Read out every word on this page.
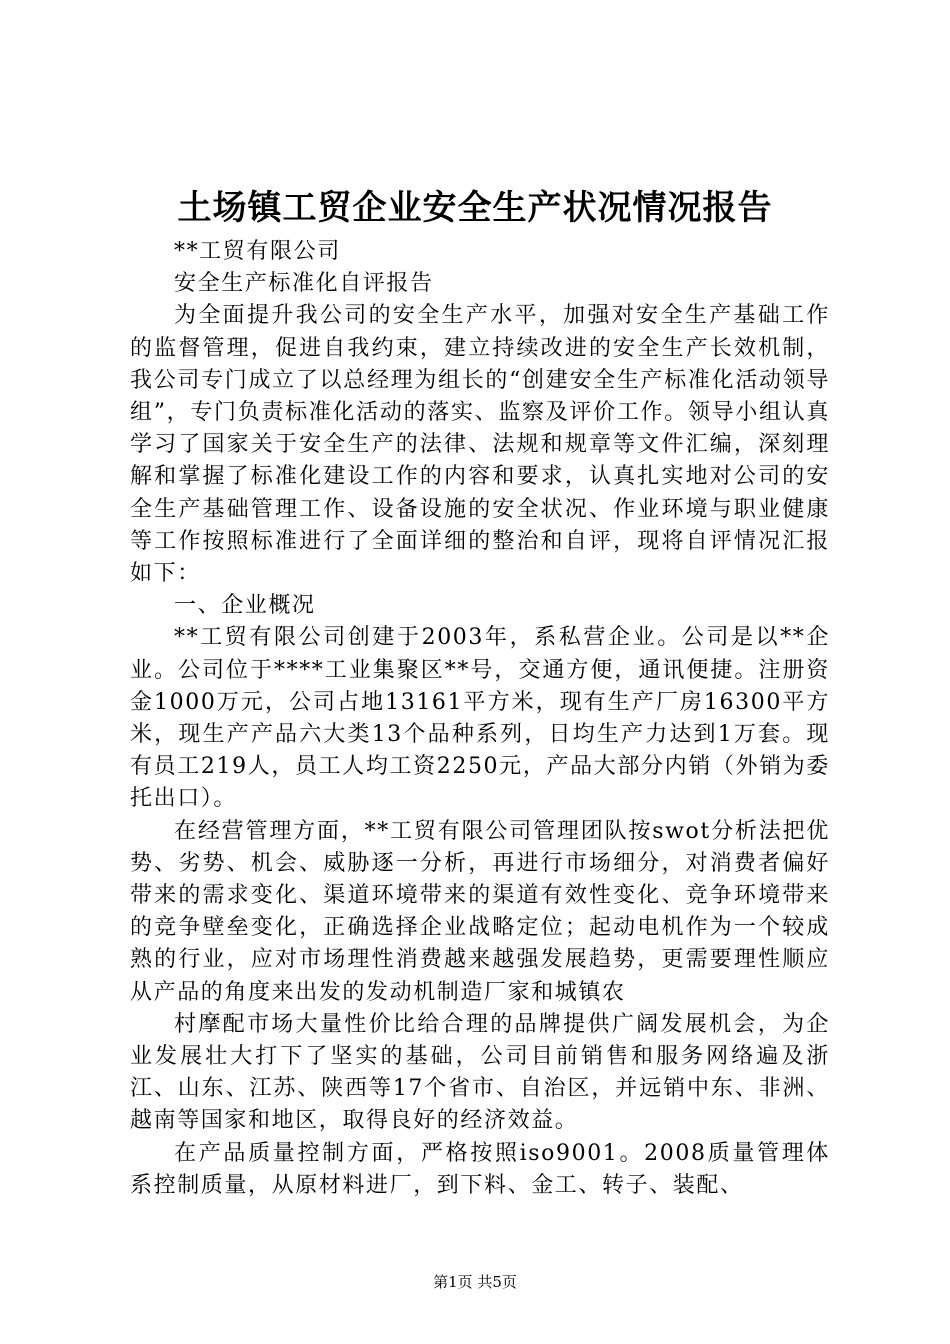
土场镇工贸企业安全生产状况情况报告

**工贸有限公司

安全生产标准化自评报告

为全面提升我公司的安全生产水平，加强对安全生产基础工作的监督管理，促进自我约束，建立持续改进的安全生产长效机制，我公司专门成立了以总经理为组长的“创建安全生产标准化活动领导组”，专门负责标准化活动的落实、监察及评价工作。领导小组认真学习了国家关于安全生产的法律、法规和规章等文件汇编，深刻理解和掌握了标准化建设工作的内容和要求，认真扎实地对公司的安全生产基础管理工作、设备设施的安全状况、作业环境与职业健康等工作按照标准进行了全面详细的整治和自评，现将自评情况汇报如下：

一、企业概况

**工贸有限公司创建于2003年，系私营企业。公司是以**企业。公司位于****工业集聚区**号，交通方便，通讯便捷。注册资金1000万元，公司占地13161平方米，现有生产厂房16300平方米，现生产产品六大类13个品种系列，日均生产力达到1万套。现有员工219人，员工人均工资2250元，产品大部分内销（外销为委托出口）。

在经营管理方面，**工贸有限公司管理团队按swot分析法把优势、劣势、机会、威胁逐一分析，再进行市场细分，对消费者偏好带来的需求变化、渠道环境带来的渠道有效性变化、竞争环境带来的竞争壁垒变化，正确选择企业战略定位；起动电机作为一个较成熟的行业，应对市场理性消费越来越强发展趋势，更需要理性顺应从产品的角度来出发的发动机制造厂家和城镇农

村摩配市场大量性价比给合理的品牌提供广阔发展机会，为企业发展壮大打下了坚实的基础，公司目前销售和服务网络遍及浙江、山东、江苏、陕西等17个省市、自治区，并远销中东、非洲、越南等国家和地区，取得良好的经济效益。

在产品质量控制方面，严格按照iso9001。2008质量管理体系控制质量，从原材料进厂，到下料、金工、转子、装配、

第1页 共5页
